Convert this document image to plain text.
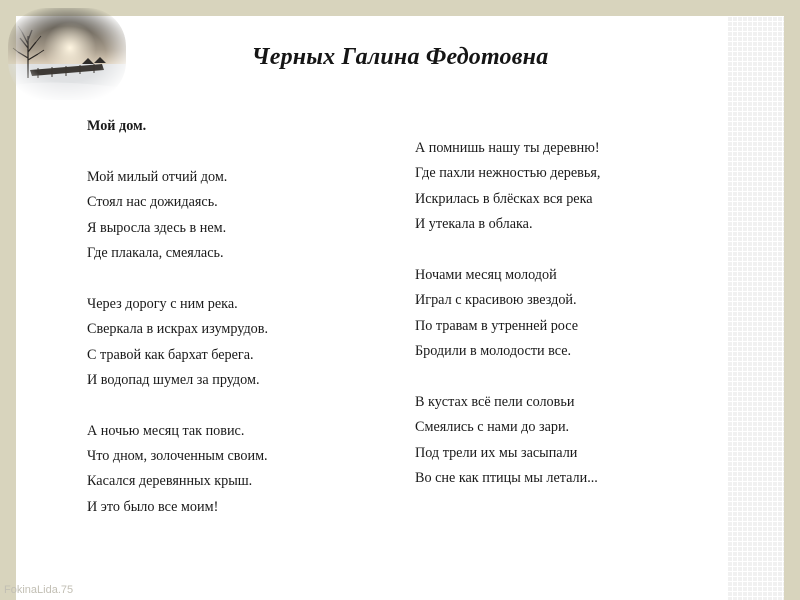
Черных Галина Федотовна
Мой дом.
Мой милый отчий дом.
Стоял нас дожидаясь.
Я выросла здесь в нем.
Где плакала, смеялась.
Через дорогу с ним река.
Сверкала в искрах изумрудов.
С травой как бархат берега.
И водопад шумел за прудом.
А ночью месяц так повис.
Что дном, золоченным своим.
Касался деревянных крыш.
И это было все моим!
А помнишь нашу ты деревню!
Где пахли нежностью деревья,
Искрилась в блёсках вся река
И утекала в облака.
Ночами месяц молодой
Играл с красивою звездой.
По травам в утренней росе
Бродили в молодости все.
В кустах всё пели соловьи
Смеялись с нами до зари.
Под трели их мы засыпали
Во сне как птицы мы летали...
FokinaLida.75
